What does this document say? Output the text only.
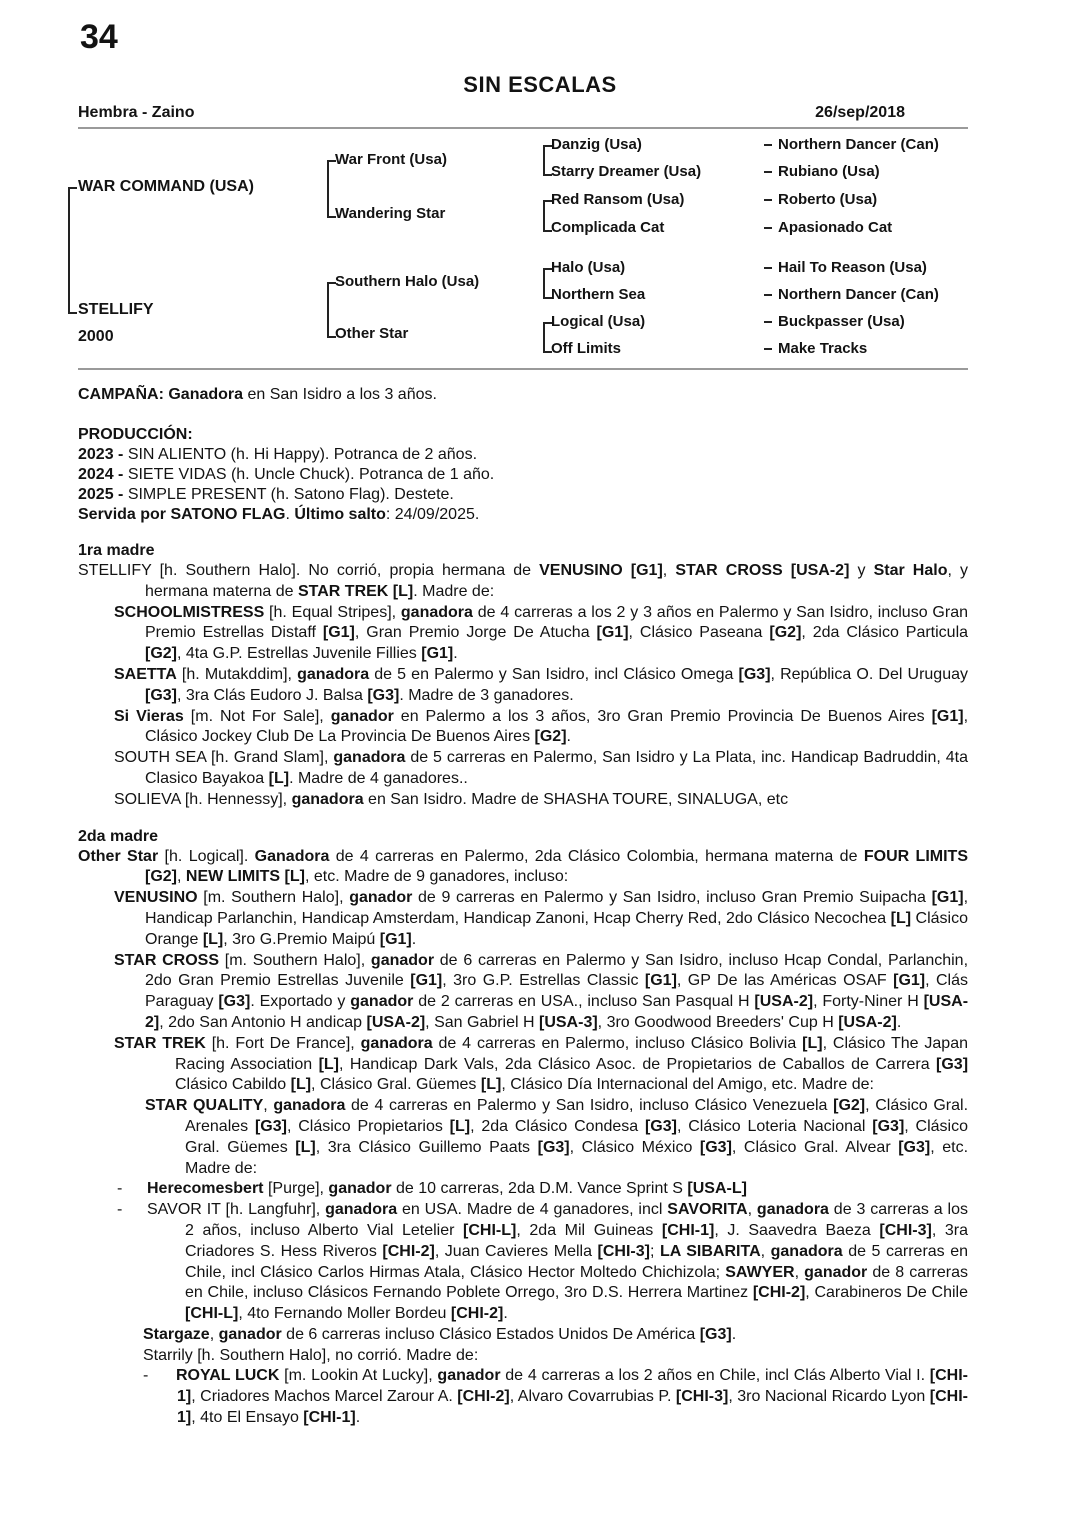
34
SIN ESCALAS
Hembra - Zaino	26/sep/2018
WAR COMMAND (USA)
STELLIFY
2000
War Front (Usa)
Wandering Star
Southern Halo (Usa)
Other Star
Danzig (Usa)
Starry Dreamer (Usa)
Red Ransom (Usa)
Complicada Cat
Halo (Usa)
Northern Sea
Logical (Usa)
Off Limits
Northern Dancer (Can)
Rubiano (Usa)
Roberto (Usa)
Apasionado Cat
Hail To Reason (Usa)
Northern Dancer (Can)
Buckpasser (Usa)
Make Tracks

CAMPAÑA: Ganadora en San Isidro a los 3 años.

PRODUCCIÓN:

2023 - SIN ALIENTO (h. Hi Happy). Potranca de 2 años.

2024 - SIETE VIDAS (h. Uncle Chuck). Potranca de 1 año.

2025 - SIMPLE PRESENT (h. Satono Flag). Destete.

Servida por SATONO FLAG. Último salto: 24/09/2025.

1ra madre

STELLIFY [h. Southern Halo]. No corrió, propia hermana de VENUSINO [G1], STAR CROSS [USA-2] y Star Halo, y hermana materna de STAR TREK [L]. Madre de:

SCHOOLMISTRESS [h. Equal Stripes], ganadora de 4 carreras a los 2 y 3 años en Palermo y San Isidro, incluso Gran Premio Estrellas Distaff [G1], Gran Premio Jorge De Atucha [G1], Clásico Paseana [G2], 2da Clásico Particula [G2], 4ta G.P. Estrellas Juvenile Fillies [G1].

SAETTA [h. Mutakddim], ganadora de 5 en Palermo y San Isidro, incl Clásico Omega [G3], República O. Del Uruguay [G3], 3ra Clás Eudoro J. Balsa [G3]. Madre de 3 ganadores.

Si Vieras [m. Not For Sale], ganador en Palermo a los 3 años, 3ro Gran Premio Provincia De Buenos Aires [G1], Clásico Jockey Club De La Provincia De Buenos Aires [G2].

SOUTH SEA [h. Grand Slam], ganadora de 5 carreras en Palermo, San Isidro y La Plata, inc. Handicap Badruddin, 4ta Clasico Bayakoa [L]. Madre de 4 ganadores..

SOLIEVA [h. Hennessy], ganadora en San Isidro. Madre de SHASHA TOURE, SINALUGA, etc

2da madre

Other Star [h. Logical]. Ganadora de 4 carreras en Palermo, 2da Clásico Colombia, hermana materna de FOUR LIMITS [G2], NEW LIMITS [L], etc. Madre de 9 ganadores, incluso:

VENUSINO [m. Southern Halo], ganador de 9 carreras en Palermo y San Isidro, incluso Gran Premio Suipacha [G1], Handicap Parlanchin, Handicap Amsterdam, Handicap Zanoni, Hcap Cherry Red, 2do Clásico Necochea [L] Clásico Orange [L], 3ro G.Premio Maipú [G1].

STAR CROSS [m. Southern Halo], ganador de 6 carreras en Palermo y San Isidro, incluso Hcap Condal, Parlanchin, 2do Gran Premio Estrellas Juvenile [G1], 3ro G.P. Estrellas Classic [G1], GP De las Américas OSAF [G1], Clás Paraguay [G3]. Exportado y ganador de 2 carreras en USA., incluso San Pasqual H [USA-2], Forty-Niner H [USA-2], 2do San Antonio H andicap [USA-2], San Gabriel H [USA-3], 3ro Goodwood Breeders' Cup H [USA-2].

STAR TREK [h. Fort De France], ganadora de 4 carreras en Palermo, incluso Clásico Bolivia [L], Clásico The Japan Racing Association [L], Handicap Dark Vals, 2da Clásico Asoc. de Propietarios de Caballos de Carrera [G3] Clásico Cabildo [L], Clásico Gral. Güemes [L], Clásico Día Internacional del Amigo, etc. Madre de:

STAR QUALITY, ganadora de 4 carreras en Palermo y San Isidro, incluso Clásico Venezuela [G2], Clásico Gral. Arenales [G3], Clásico Propietarios [L], 2da Clásico Condesa [G3], Clásico Loteria Nacional [G3], Clásico Gral. Güemes [L], 3ra Clásico Guillemo Paats [G3], Clásico México [G3], Clásico Gral. Alvear [G3], etc. Madre de:

- Herecomesbert [Purge], ganador de 10 carreras, 2da D.M. Vance Sprint S [USA-L]

- SAVOR IT [h. Langfuhr], ganadora en USA. Madre de 4 ganadores, incl SAVORITA, ganadora de 3 carreras a los 2 años, incluso Alberto Vial Letelier [CHI-L], 2da Mil Guineas [CHI-1], J. Saavedra Baeza [CHI-3], 3ra Criadores S. Hess Riveros [CHI-2], Juan Cavieres Mella [CHI-3]; LA SIBARITA, ganadora de 5 carreras en Chile, incl Clásico Carlos Hirmas Atala, Clásico Hector Moltedo Chichizola; SAWYER, ganador de 8 carreras en Chile, incluso Clásicos Fernando Poblete Orrego, 3ro D.S. Herrera Martinez [CHI-2], Carabineros De Chile [CHI-L], 4to Fernando Moller Bordeu [CHI-2].

Stargaze, ganador de 6 carreras incluso Clásico Estados Unidos De América [G3].

Starrily [h. Southern Halo], no corrió. Madre de:

- ROYAL LUCK [m. Lookin At Lucky], ganador de 4 carreras a los 2 años en Chile, incl Clás Alberto Vial I. [CHI-1], Criadores Machos Marcel Zarour A. [CHI-2], Alvaro Covarrubias P. [CHI-3], 3ro Nacional Ricardo Lyon [CHI-1], 4to El Ensayo [CHI-1].
